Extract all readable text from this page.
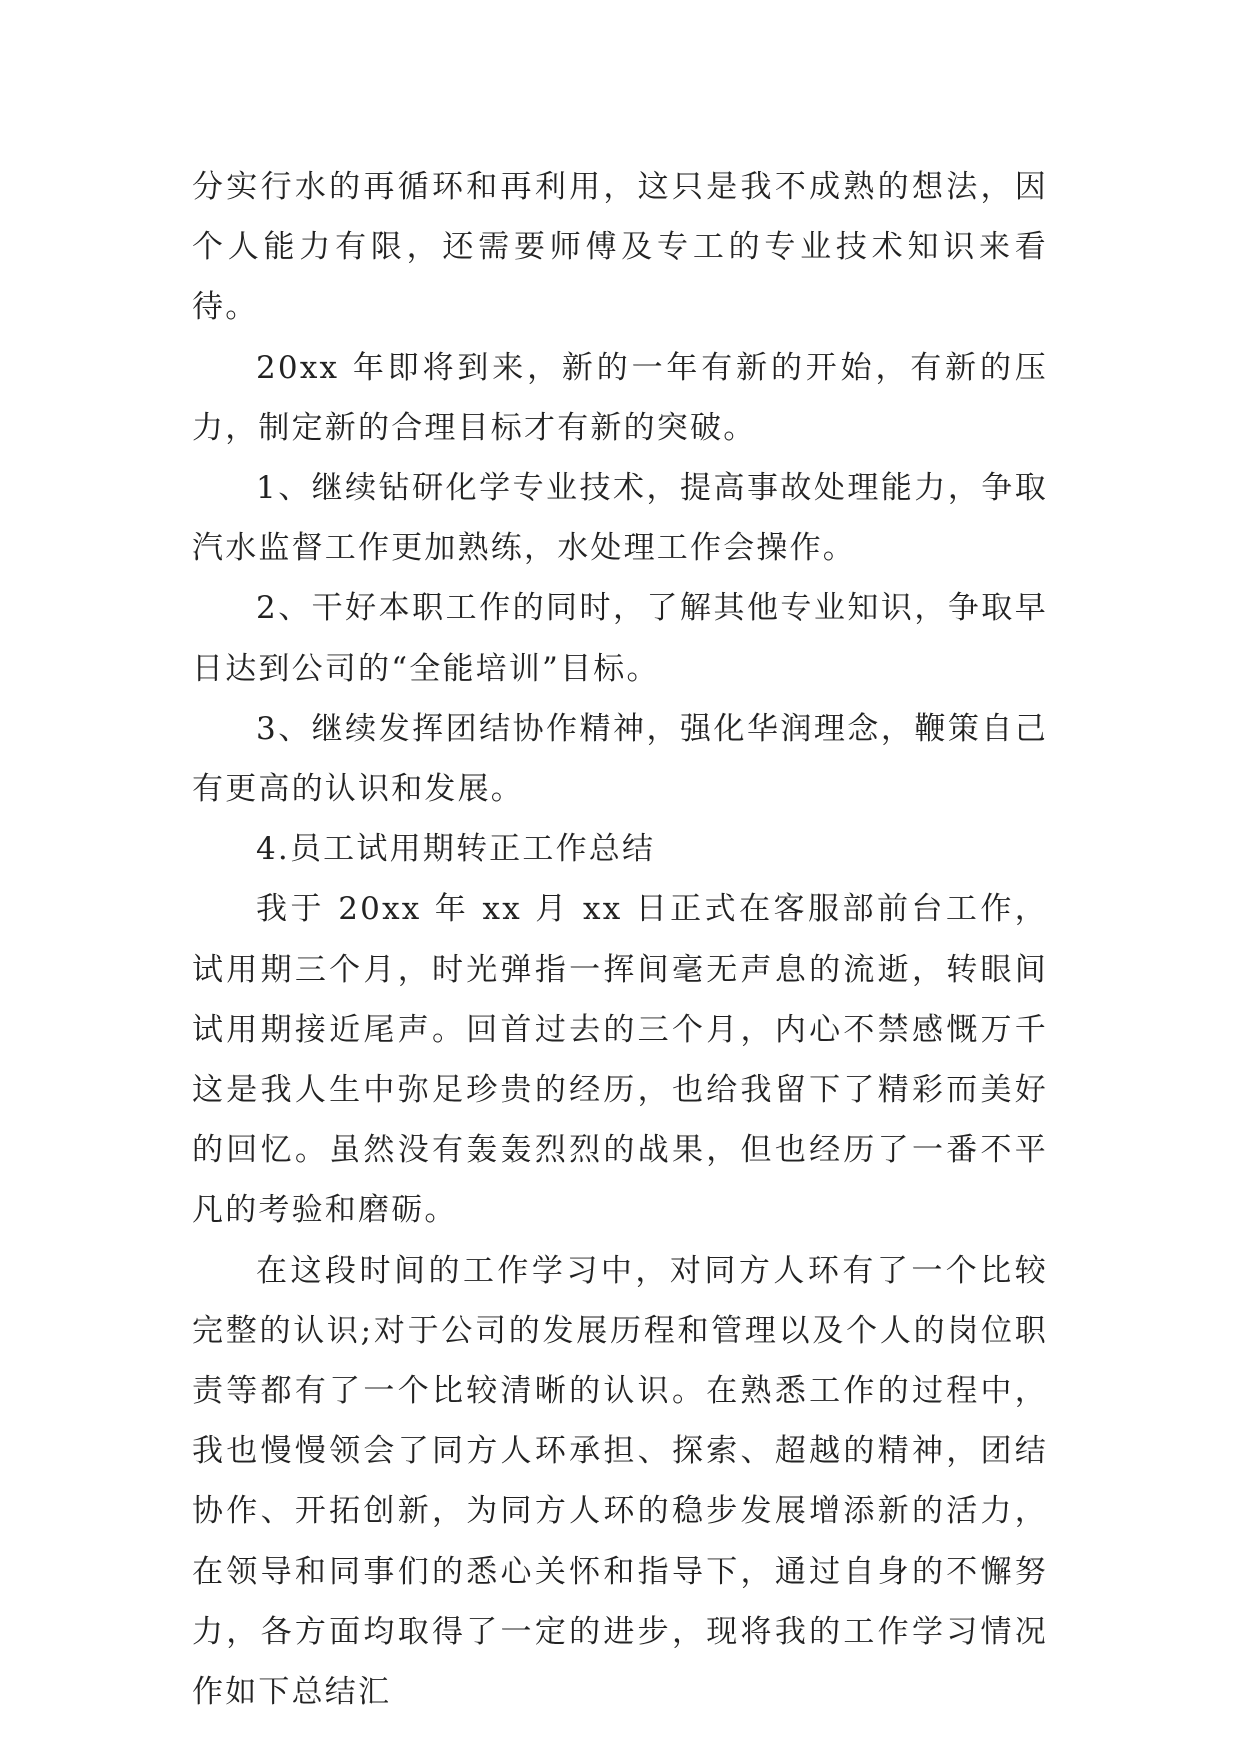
分实行水的再循环和再利用，这只是我不成熟的想法，因个人能力有限，还需要师傅及专工的专业技术知识来看待。

20xx 年即将到来，新的一年有新的开始，有新的压力，制定新的合理目标才有新的突破。

1、继续钻研化学专业技术，提高事故处理能力，争取汽水监督工作更加熟练，水处理工作会操作。

2、干好本职工作的同时，了解其他专业知识，争取早日达到公司的“全能培训”目标。

3、继续发挥团结协作精神，强化华润理念，鞭策自己有更高的认识和发展。

4.员工试用期转正工作总结

我于 20xx 年 xx 月 xx 日正式在客服部前台工作，试用期三个月，时光弹指一挥间毫无声息的流逝，转眼间试用期接近尾声。回首过去的三个月，内心不禁感慨万千这是我人生中弥足珍贵的经历，也给我留下了精彩而美好的回忆。虽然没有轰轰烈烈的战果，但也经历了一番不平凡的考验和磨砺。

在这段时间的工作学习中，对同方人环有了一个比较完整的认识;对于公司的发展历程和管理以及个人的岗位职责等都有了一个比较清晰的认识。在熟悉工作的过程中，我也慢慢领会了同方人环承担、探索、超越的精神，团结协作、开拓创新，为同方人环的稳步发展增添新的活力，在领导和同事们的悉心关怀和指导下，通过自身的不懈努力，各方面均取得了一定的进步，现将我的工作学习情况作如下总结汇
